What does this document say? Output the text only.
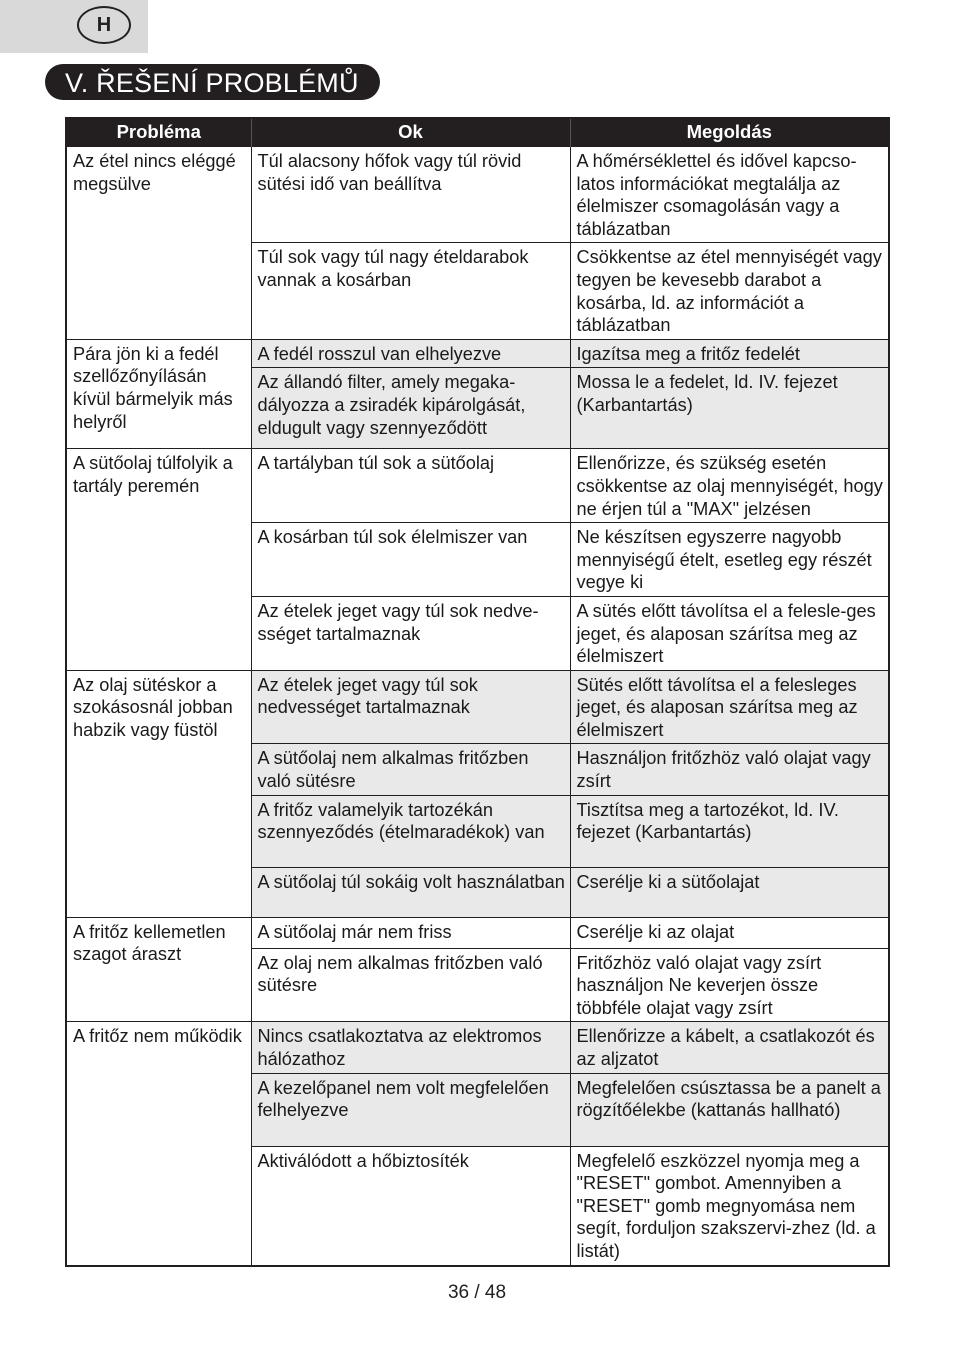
H
V. ŘEŠENÍ PROBLÉMŮ
Probléma	Ok	Megoldás
Az étel nincs eléggé megsülve	Túl alacsony hőfok vagy túl rövid sütési idő van beállítva	A hőmérséklettel és idővel kapcso-latos információkat megtalálja az élelmiszer csomagolásán vagy a táblázatban
	Túl sok vagy túl nagy ételdarabok vannak a kosárban	Csökkentse az étel mennyiségét vagy tegyen be kevesebb darabot a kosárba, ld. az információt a táblázatban
Pára jön ki a fedél szellőzőnyílásán kívül bármelyik más helyről	A fedél rosszul van elhelyezve	Igazítsa meg a fritőz fedelét
	Az állandó filter, amely megaka-dályozza a zsiradék kipárolgását, eldugult vagy szennyeződött	Mossa le a fedelet, ld. IV. fejezet (Karbantartás)
A sütőolaj túlfolyik a tartály peremén	A tartályban túl sok a sütőolaj	Ellenőrizze, és szükség esetén csökkentse az olaj mennyiségét, hogy ne érjen túl a "MAX" jelzésen
	A kosárban túl sok élelmiszer van	Ne készítsen egyszerre nagyobb mennyiségű ételt, esetleg egy részét vegye ki
	Az ételek jeget vagy túl sok nedve-sséget tartalmaznak	A sütés előtt távolítsa el a felesle-ges jeget, és alaposan szárítsa meg az élelmiszert
Az olaj sütéskor a szokásosnál jobban habzik vagy füstöl	Az ételek jeget vagy túl sok nedvességet tartalmaznak	Sütés előtt távolítsa el a felesleges jeget, és alaposan szárítsa meg az élelmiszert
	A sütőolaj nem alkalmas fritőzben való sütésre	Használjon fritőzhöz való olajat vagy zsírt
	A fritőz valamelyik tartozékán szennyeződés (ételmaradékok) van	Tisztítsa meg a tartozékot, ld. IV. fejezet (Karbantartás)
	A sütőolaj túl sokáig volt használatban	Cserélje ki a sütőolajat
A fritőz kellemetlen szagot áraszt	A sütőolaj már nem friss	Cserélje ki az olajat
	Az olaj nem alkalmas fritőzben való sütésre	Fritőzhöz való olajat vagy zsírt használjon Ne keverjen össze többféle olajat vagy zsírt
A fritőz nem működik	Nincs csatlakoztatva az elektromos hálózathoz	Ellenőrizze a kábelt, a csatlakozót és az aljzatot
	A kezelőpanel nem volt megfelelően felhelyezve	Megfelelően csúsztassa be a panelt a rögzítőélekbe (kattanás hallható)
	Aktiválódott a hőbiztosíték	Megfelelő eszközzel nyomja meg a "RESET" gombot. Amennyiben a "RESET" gomb megnyomása nem segít, forduljon szakszervi-zhez (ld. a listát)
36 / 48
